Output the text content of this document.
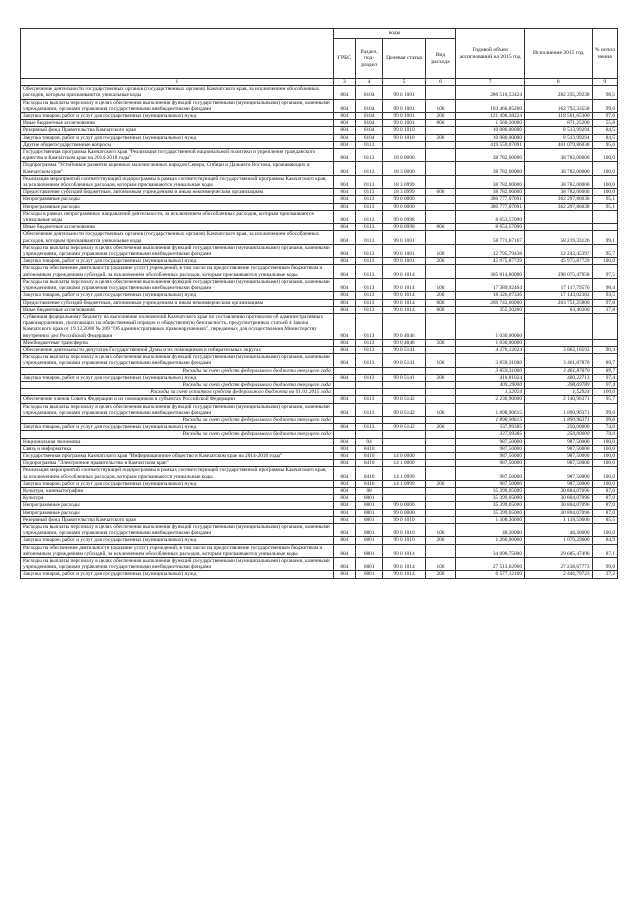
	коды				Годовой объем ассигнований на 2015 год	Исполнение 2015 год	% испол нения
	ГРБС	Раздел, под-раздел	Целевая статья	Вид расхода			
1	3	4	5	6	7	8	9
Обеспечение деятельности государственных органов (государственных органов) Камчатского края, за исключением обособленных расходов, которым присваиваются уникальные коды	804	0104	99 0 1001		286 516,53424	282 235,29238	98,5
Расходы на выплаты персоналу в целях обеспечения выполнения функций государственными (муниципальными) органами, казенными учреждениями, органами управления государственными внебюджетными фондами	804	0104	99 0 1001	100	163 460,85200	162 792,33558	99,6
Закупка товаров, работ и услуг для государственных (муниципальных) нужд	804	0104	99 0 1001	200	121 496,38224	118 561,65300	97,6
Иные бюджетные ассигнования	804	0104	99 0 1001	800	1 560,30000	871,25200	55,8
Резервный фонд Правительства Камчатского края	804	0104	99 0 1010		10 080,00000	8 513,99294	84,5
Закупка товаров, работ и услуг для государственных (муниципальных) нужд	804	0104	99 0 1010	200	10 080,00000	8 513,99294	84,5
Другие общегосударственные вопросы	804	0113			419 559,07091	401 079,86038	95,6
Государственная программа Камчатского края "Реализация государственной национальной политики и укрепление гражданского единства в Камчатском крае на 2014-2018 годы"	804	0113	18 0 0000		38 782,00000	38 782,00000	100,0
Подпрограмма "Устойчивое развитие коренных малочисленных народов Севера, Сибири и Дальнего Востока, проживающих в Камчатском крае"	804	0113	18 3 0000		38 782,00000	38 782,00000	100,0
Реализация мероприятий соответствующей подпрограммы в рамках соответствующей государственной программы Камчатского края, за исключением обособленных расходов, которым присваиваются уникальные коды	804	0113	18 3 0999		38 782,00000	38 782,00000	100,0
Предоставление субсидий бюджетным, автономным учреждениям и иным некоммерческим организациям	804	0113	18 3 0999	600	38 782,00000	38 782,00000	100,0
Непрограммные расходы	804	0113	99 0 0000		380 777,07091	362 297,86038	95,1
Непрограммные расходы	804	0113	99 0 0000		380 777,07091	362 297,86038	95,1
Расходы в рамках непрограммных направлений деятельности, за исключением обособленных расходов, которым присваиваются уникальные коды	804	0113	99 0 0998		8 653,57000		
Иные бюджетные ассигнования	804	0113	99 0 0998	800	8 653,57000		
Обеспечение деятельности государственных органов (государственных органов) Камчатского края, за исключением обособленных расходов, которым присваиваются уникальные коды	804	0113	99 0 1001		58 771,67167	58 219,33126	99,1
Расходы на выплаты персоналу в целях обеспечения выполнения функций государственными (муниципальными) органами, казенными учреждениями, органами управления государственными внебюджетными фондами	804	0113	99 0 1001	100	12 795,79438	12 243,45397	95,7
Закупка товаров, работ и услуг для государственных (муниципальных) нужд	804	0113	99 0 1001	200	45 975,87729	45 975,87729	100,0
Расходы на обеспечение деятельности (оказание услуг) учреждений, в том числе на предоставление государственным бюджетным и автономным учреждениям субсидий, за исключением обособленных расходов, которым присваиваются уникальные коды	804	0113	99 0 1014		305 814,80000	298 075,47958	97,5
Расходы на выплаты персоналу в целях обеспечения выполнения функций государственными (муниципальными) органами, казенными учреждениями, органами управления государственными внебюджетными фондами	804	0113	99 0 1014	100	17 389,92464	17 117,79576	98,4
Закупка товаров, работ и услуг для государственных (муниципальных) нужд	804	0113	99 0 1014	200	18 326,07336	17 143,02382	93,5
Предоставление субсидий бюджетным, автономным учреждениям и иным некоммерческим организациям	804	0113	99 0 1014	600	269 743,60000	263 751,25800	97,8
Иные бюджетные ассигнования	804	0113	99 0 1014	800	355,20200	63,40200	17,8
Субвенция федеральному бюджету на выполнение полномочий Камчатского края по составлению протоколов об административных правонарушениях, посягающих на общественный порядок и общественную безопасность, предусмотренных статьей 4 Закона Камчатского края от 19.12.2008 № 209 "Об административных правонарушениях", переданных для осуществления Министерству внутренних дел Российской Федерации	804	0113	99 0 4046		1 030,00000		
Межбюджетные трансферты	804	0113	99 0 4046	500	1 030,00000		
Обеспечение деятельности депутатов Государственной Думы и их помощников в избирательных округах	804	0113	99 0 5141		4 270,12024	3 862,10593	90,4
Расходы на выплаты персоналу в целях обеспечения выполнения функций государственными (муниципальными) органами, казенными учреждениями, органами управления государственными внебюджетными фондами	804	0113	99 0 5141	100	3 859,31000	3 461,87870	89,7
Расходы за счет средств федерального бюджета текущего года					3 859,31000	3 461,87870	89,7
Закупка товаров, работ и услуг для государственных (муниципальных) нужд	804	0113	99 0 5141	200	410,81024	400,22713	97,4
Расходы за счет средств федерального бюджета текущего года					409,29000	398,69789	97,4
Расходы за счет остатков средств федерального бюджета на 01.01.2015 года					1,52024	1,52924	100,0
Обеспечение членов Совета Федерации и их помощников в субъектах Российской Федерации	804	0113	99 0 5142		2 236,90000	2 140,96371	95,7
Расходы на выплаты персоналу в целях обеспечения выполнения функций государственными (муниципальными) органами, казенными учреждениями, органами управления государственными внебюджетными фондами	804	0113	99 0 5142	100	1 898,90615	1 890,96371	99,6
Расходы за счет средств федерального бюджета текущего года					1 898,90615	1 890,96371	99,6
Закупка товаров, работ и услуг для государственных (муниципальных) нужд	804	0113	99 0 5142	200	337,99385	250,00000	74,0
Расходы за счет средств федерального бюджета текущего года					337,99385	250,00000	74,0
Национальная экономика	804	04			987,50000	987,50000	100,0
Связь и информатика	804	0410			987,50000	987,50000	100,0
Государственная программа Камчатского края "Информационное общество в Камчатском крае на 2014-2018 годы"	804	0410	14 0 0000		987,50000	987,50000	100,0
Подпрограмма "Электронное правительство в Камчатском крае"	804	0410	14 1 0000		987,50000	987,50000	100,0
Реализация мероприятий соответствующей подпрограммы в рамках соответствующей государственной программы Камчатского края, за исключением обособленных расходов, которым присваиваются уникальные коды	804	0410	14 1 0999		987,50000	987,50000	100,0
Закупка товаров, работ и услуг для государственных (муниципальных) нужд	804	0410	14 1 0999	200	987,50000	987,50000	100,0
Культура, кинематография	804	08			35 399,05000	30 804,07096	87,0
Культура	804	0801			35 399,05000	30 804,07096	87,0
Непрограммные расходы	804	0801	99 0 0000		35 399,05000	30 804,07096	87,0
Непрограммные расходы	804	0801	99 0 0000		35 399,05000	30 804,07096	87,0
Резервный фонд Правительства Камчатского края	804	0801	99 0 1010		1 308,30000	1 118,59600	85,5
Расходы на выплаты персоналу в целях обеспечения выполнения функций государственными (муниципальными) органами, казенными учреждениями, органами управления государственными внебюджетными фондами	804	0801	99 0 1010	100	48,30000	48,30000	100,0
Закупка товаров, работ и услуг для государственных (муниципальных) нужд	804	0801	99 0 1010	200	1 260,00000	1 070,29600	84,9
Расходы на обеспечение деятельности (оказание услуг) учреждений, в том числе на предоставление государственным бюджетным и автономным учреждениям субсидий, за исключением обособленных расходов, которым присваиваются уникальные коды	804	0801	99 0 1014		34 090,75000	29 685,47496	87,1
Расходы на выплаты персоналу в целях обеспечения выполнения функций государственными (муниципальными) органами, казенными учреждениями, органами управления государственными внебюджетными фондами	804	0801	99 0 1014	100	27 513,62900	27 238,67773	99,0
Закупка товаров, работ и услуг для государственных (муниципальных) нужд	804	0801	99 0 1014	200	6 577,12100	2 446,79723	37,2
